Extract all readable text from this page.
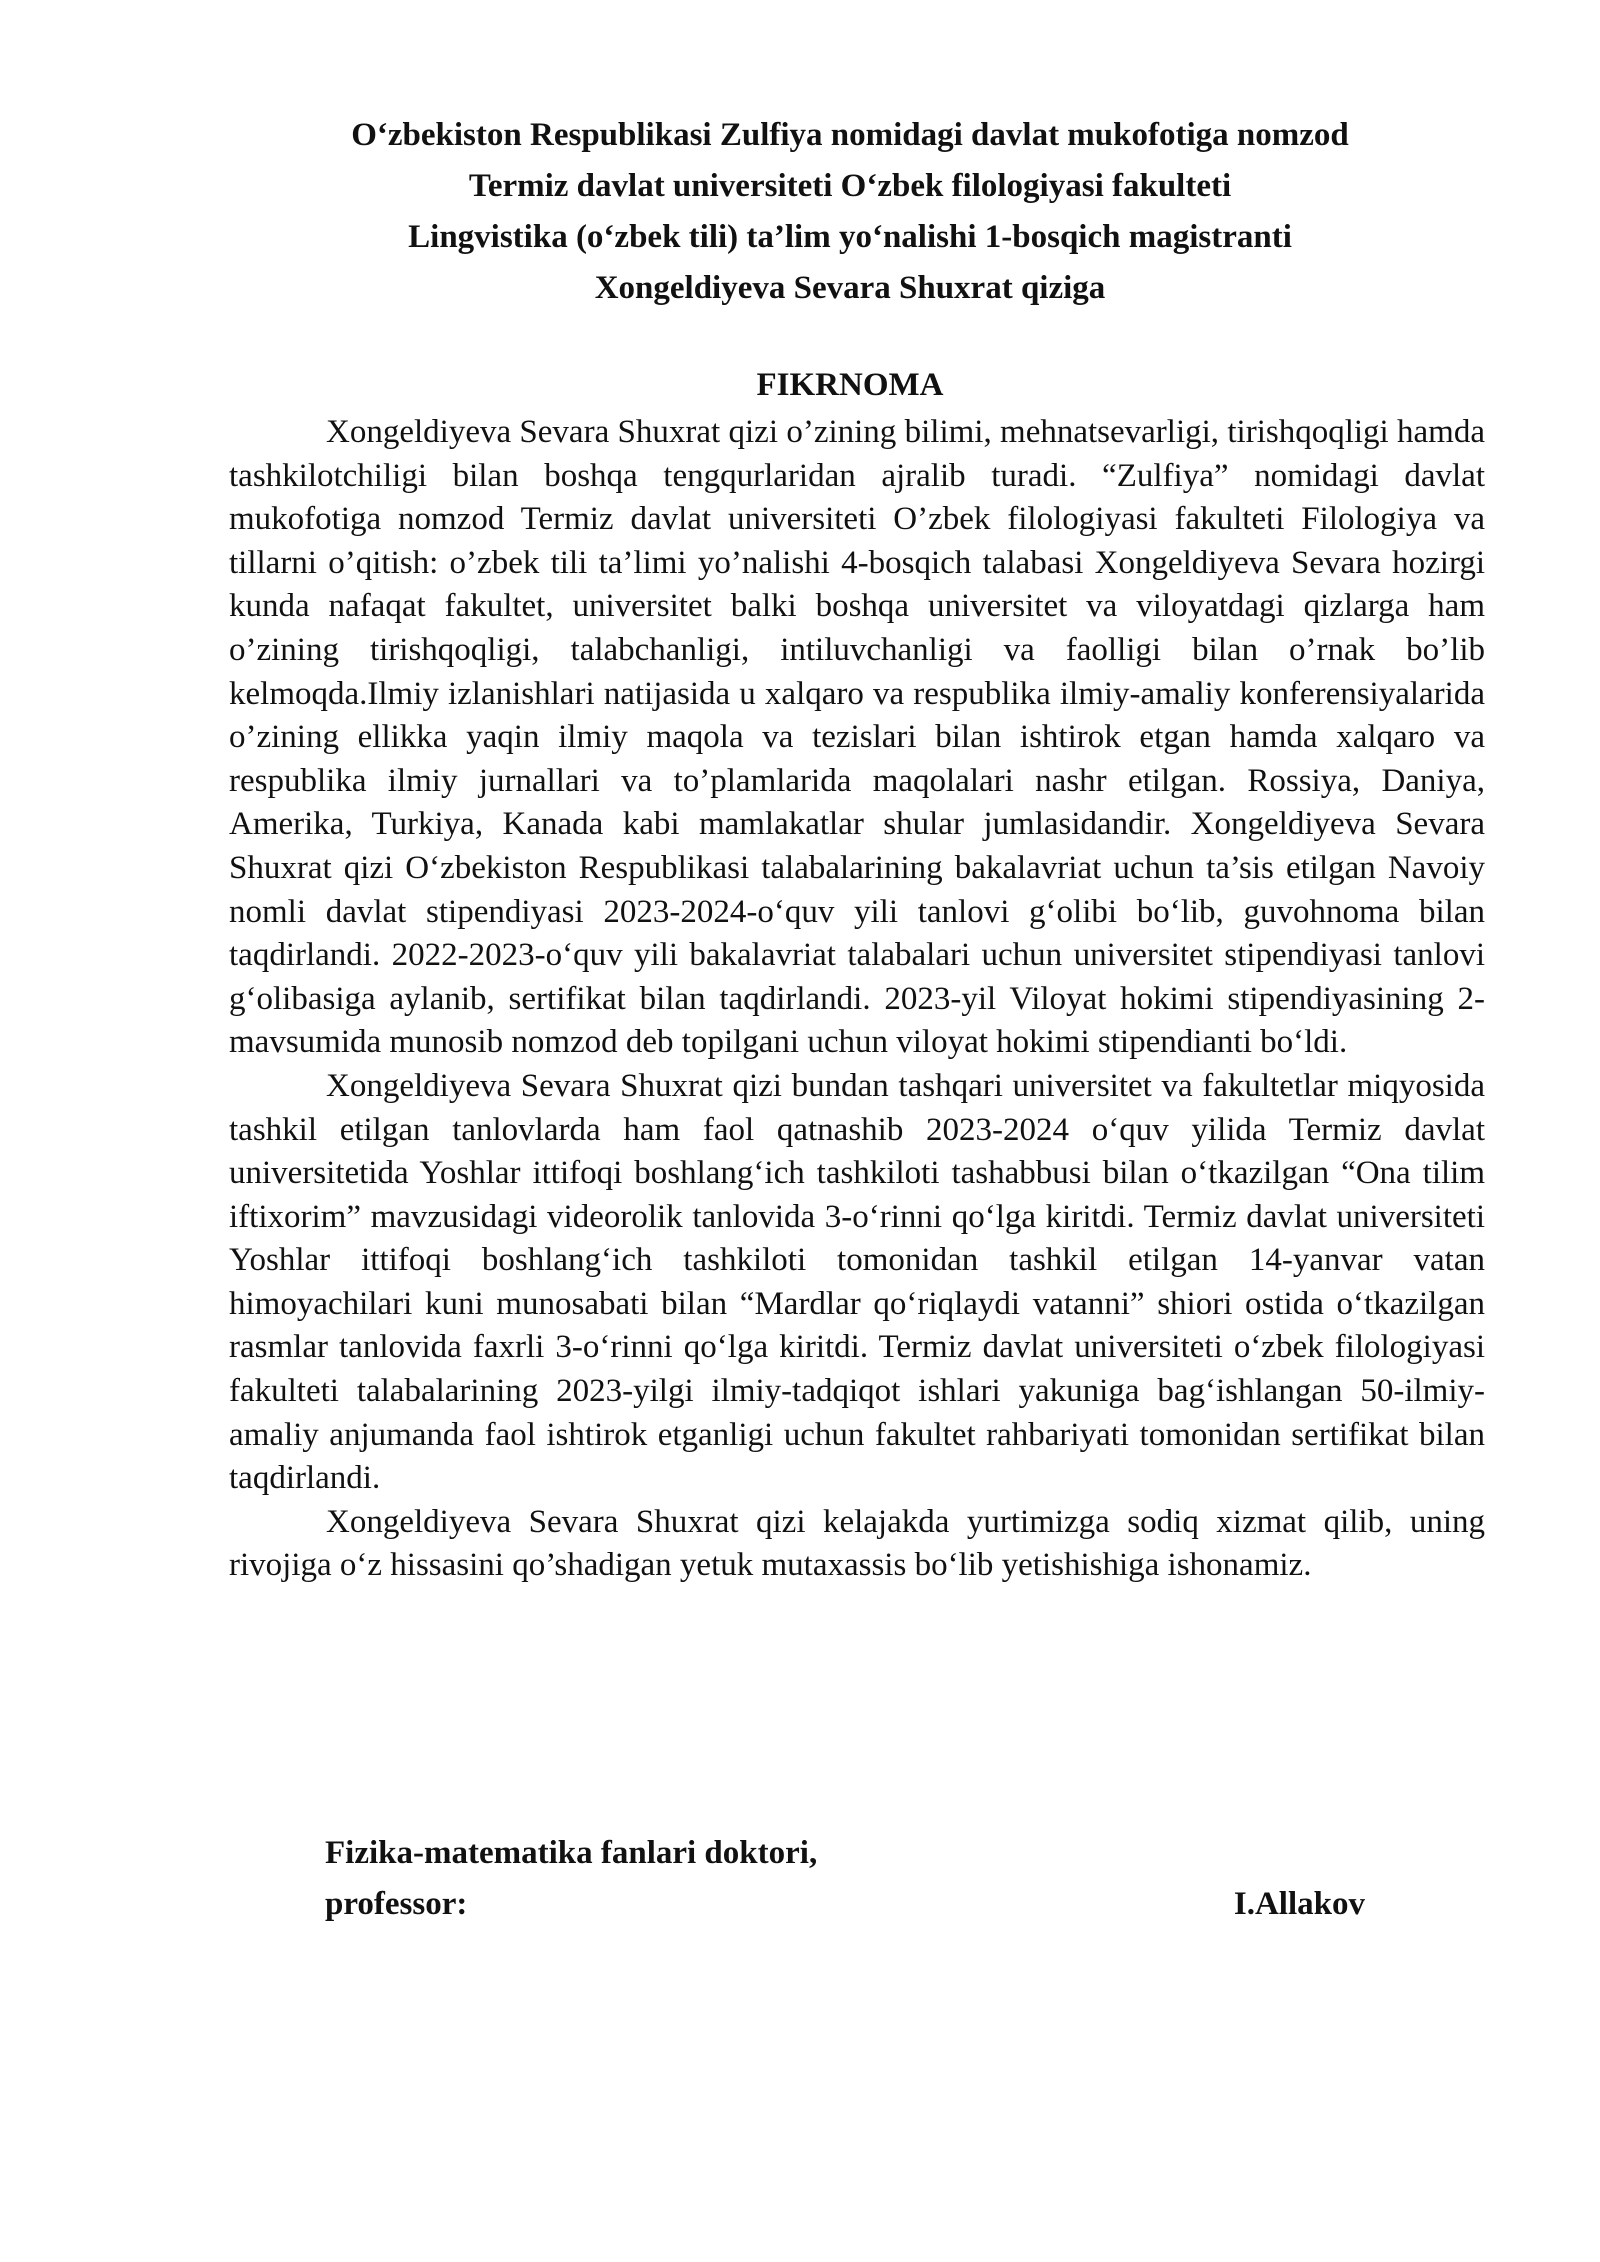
O‘zbekiston Respublikasi Zulfiya nomidagi davlat mukofotiga nomzod
Termiz davlat universiteti O‘zbek filologiyasi fakulteti
Lingvistika (o‘zbek tili) ta’lim yo‘nalishi 1-bosqich magistranti
Xongeldiyeva Sevara Shuxrat qiziga
FIKRNOMA

Xongeldiyeva Sevara Shuxrat qizi o’zining bilimi, mehnatsevarligi, tirishqoqligi hamda tashkilotchiligi bilan boshqa tengqurlaridan ajralib turadi. “Zulfiya” nomidagi davlat mukofotiga nomzod Termiz davlat universiteti O’zbek filologiyasi fakulteti Filologiya va tillarni o’qitish: o’zbek tili ta’limi yo’nalishi 4-bosqich talabasi Xongeldiyeva Sevara hozirgi kunda nafaqat fakultet, universitet balki boshqa universitet va viloyatdagi qizlarga ham o’zining tirishqoqligi, talabchanligi, intiluvchanligi va faolligi bilan o’rnak bo’lib kelmoqda.Ilmiy izlanishlari natijasida u xalqaro va respublika ilmiy-amaliy konferensiyalarida o’zining ellikka yaqin ilmiy maqola va tezislari bilan ishtirok etgan hamda xalqaro va respublika ilmiy jurnallari va to’plamlarida maqolalari nashr etilgan. Rossiya, Daniya, Amerika, Turkiya, Kanada kabi mamlakatlar shular jumlasidandir. Xongeldiyeva Sevara Shuxrat qizi O‘zbekiston Respublikasi talabalarining bakalavriat uchun ta’sis etilgan Navoiy nomli davlat stipendiyasi 2023-2024-o‘quv yili tanlovi g‘olibi bo‘lib, guvohnoma bilan taqdirlandi. 2022-2023-o‘quv yili bakalavriat talabalari uchun universitet stipendiyasi tanlovi g‘olibasiga aylanib, sertifikat bilan taqdirlandi. 2023-yil Viloyat hokimi stipendiyasining 2-mavsumida munosib nomzod deb topilgani uchun viloyat hokimi stipendianti bo‘ldi.

Xongeldiyeva Sevara Shuxrat qizi bundan tashqari universitet va fakultetlar miqyosida tashkil etilgan tanlovlarda ham faol qatnashib 2023-2024 o‘quv yilida Termiz davlat universitetida Yoshlar ittifoqi boshlang‘ich tashkiloti tashabbusi bilan o‘tkazilgan “Ona tilim iftixorim” mavzusidagi videorolik tanlovida 3-o‘rinni qo‘lga kiritdi. Termiz davlat universiteti Yoshlar ittifoqi boshlang‘ich tashkiloti tomonidan tashkil etilgan 14-yanvar vatan himoyachilari kuni munosabati bilan “Mardlar qo‘riqlaydi vatanni” shiori ostida o‘tkazilgan rasmlar tanlovida faxrli 3-o‘rinni qo‘lga kiritdi. Termiz davlat universiteti o‘zbek filologiyasi fakulteti talabalarining 2023-yilgi ilmiy-tadqiqot ishlari yakuniga bag‘ishlangan 50-ilmiy-amaliy anjumanda faol ishtirok etganligi uchun fakultet rahbariyati tomonidan sertifikat bilan taqdirlandi.

Xongeldiyeva Sevara Shuxrat qizi kelajakda yurtimizga sodiq xizmat qilib, uning rivojiga o‘z hissasini qo’shadigan yetuk mutaxassis bo‘lib yetishishiga ishonamiz.

Fizika-matematika fanlari doktori,
professor:	I.Allakov
